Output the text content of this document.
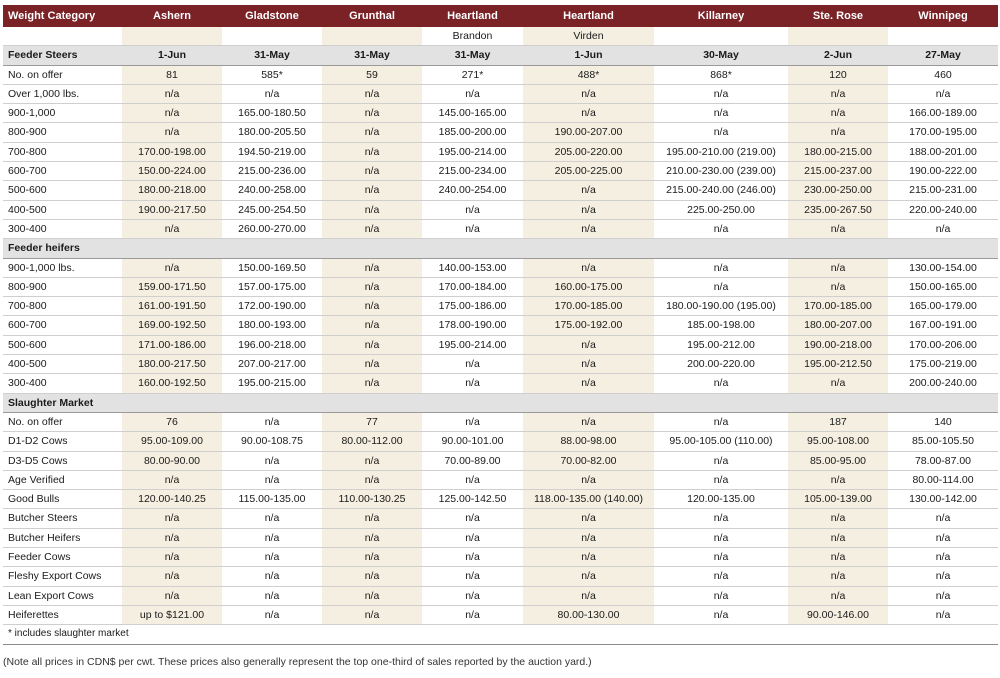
Weight Category	Ashern	Gladstone	Grunthal	Heartland	Heartland	Killarney	Ste. Rose	Winnipeg
				Brandon	Virden			
Feeder Steers	1-Jun	31-May	31-May	31-May	1-Jun	30-May	2-Jun	27-May
No. on offer	81	585*	59	271*	488*	868*	120	460
Over 1,000 lbs.	n/a	n/a	n/a	n/a	n/a	n/a	n/a	n/a
900-1,000	n/a	165.00-180.50	n/a	145.00-165.00	n/a	n/a	n/a	166.00-189.00
800-900	n/a	180.00-205.50	n/a	185.00-200.00	190.00-207.00	n/a	n/a	170.00-195.00
700-800	170.00-198.00	194.50-219.00	n/a	195.00-214.00	205.00-220.00	195.00-210.00 (219.00)	180.00-215.00	188.00-201.00
600-700	150.00-224.00	215.00-236.00	n/a	215.00-234.00	205.00-225.00	210.00-230.00 (239.00)	215.00-237.00	190.00-222.00
500-600	180.00-218.00	240.00-258.00	n/a	240.00-254.00	n/a	215.00-240.00 (246.00)	230.00-250.00	215.00-231.00
400-500	190.00-217.50	245.00-254.50	n/a	n/a	n/a	225.00-250.00	235.00-267.50	220.00-240.00
300-400	n/a	260.00-270.00	n/a	n/a	n/a	n/a	n/a	n/a
Feeder heifers								
900-1,000 lbs.	n/a	150.00-169.50	n/a	140.00-153.00	n/a	n/a	n/a	130.00-154.00
800-900	159.00-171.50	157.00-175.00	n/a	170.00-184.00	160.00-175.00	n/a	n/a	150.00-165.00
700-800	161.00-191.50	172.00-190.00	n/a	175.00-186.00	170.00-185.00	180.00-190.00 (195.00)	170.00-185.00	165.00-179.00
600-700	169.00-192.50	180.00-193.00	n/a	178.00-190.00	175.00-192.00	185.00-198.00	180.00-207.00	167.00-191.00
500-600	171.00-186.00	196.00-218.00	n/a	195.00-214.00	n/a	195.00-212.00	190.00-218.00	170.00-206.00
400-500	180.00-217.50	207.00-217.00	n/a	n/a	n/a	200.00-220.00	195.00-212.50	175.00-219.00
300-400	160.00-192.50	195.00-215.00	n/a	n/a	n/a	n/a	n/a	200.00-240.00
Slaughter Market								
No. on offer	76	n/a	77	n/a	n/a	n/a	187	140
D1-D2 Cows	95.00-109.00	90.00-108.75	80.00-112.00	90.00-101.00	88.00-98.00	95.00-105.00 (110.00)	95.00-108.00	85.00-105.50
D3-D5 Cows	80.00-90.00	n/a	n/a	70.00-89.00	70.00-82.00	n/a	85.00-95.00	78.00-87.00
Age Verified	n/a	n/a	n/a	n/a	n/a	n/a	n/a	80.00-114.00
Good Bulls	120.00-140.25	115.00-135.00	110.00-130.25	125.00-142.50	118.00-135.00 (140.00)	120.00-135.00	105.00-139.00	130.00-142.00
Butcher Steers	n/a	n/a	n/a	n/a	n/a	n/a	n/a	n/a
Butcher Heifers	n/a	n/a	n/a	n/a	n/a	n/a	n/a	n/a
Feeder Cows	n/a	n/a	n/a	n/a	n/a	n/a	n/a	n/a
Fleshy Export Cows	n/a	n/a	n/a	n/a	n/a	n/a	n/a	n/a
Lean Export Cows	n/a	n/a	n/a	n/a	n/a	n/a	n/a	n/a
Heiferettes	up to $121.00	n/a	n/a	n/a	80.00-130.00	n/a	90.00-146.00	n/a
* includes slaughter market								
(Note all prices in CDN$ per cwt. These prices also generally represent the top one-third of sales reported by the auction yard.)
